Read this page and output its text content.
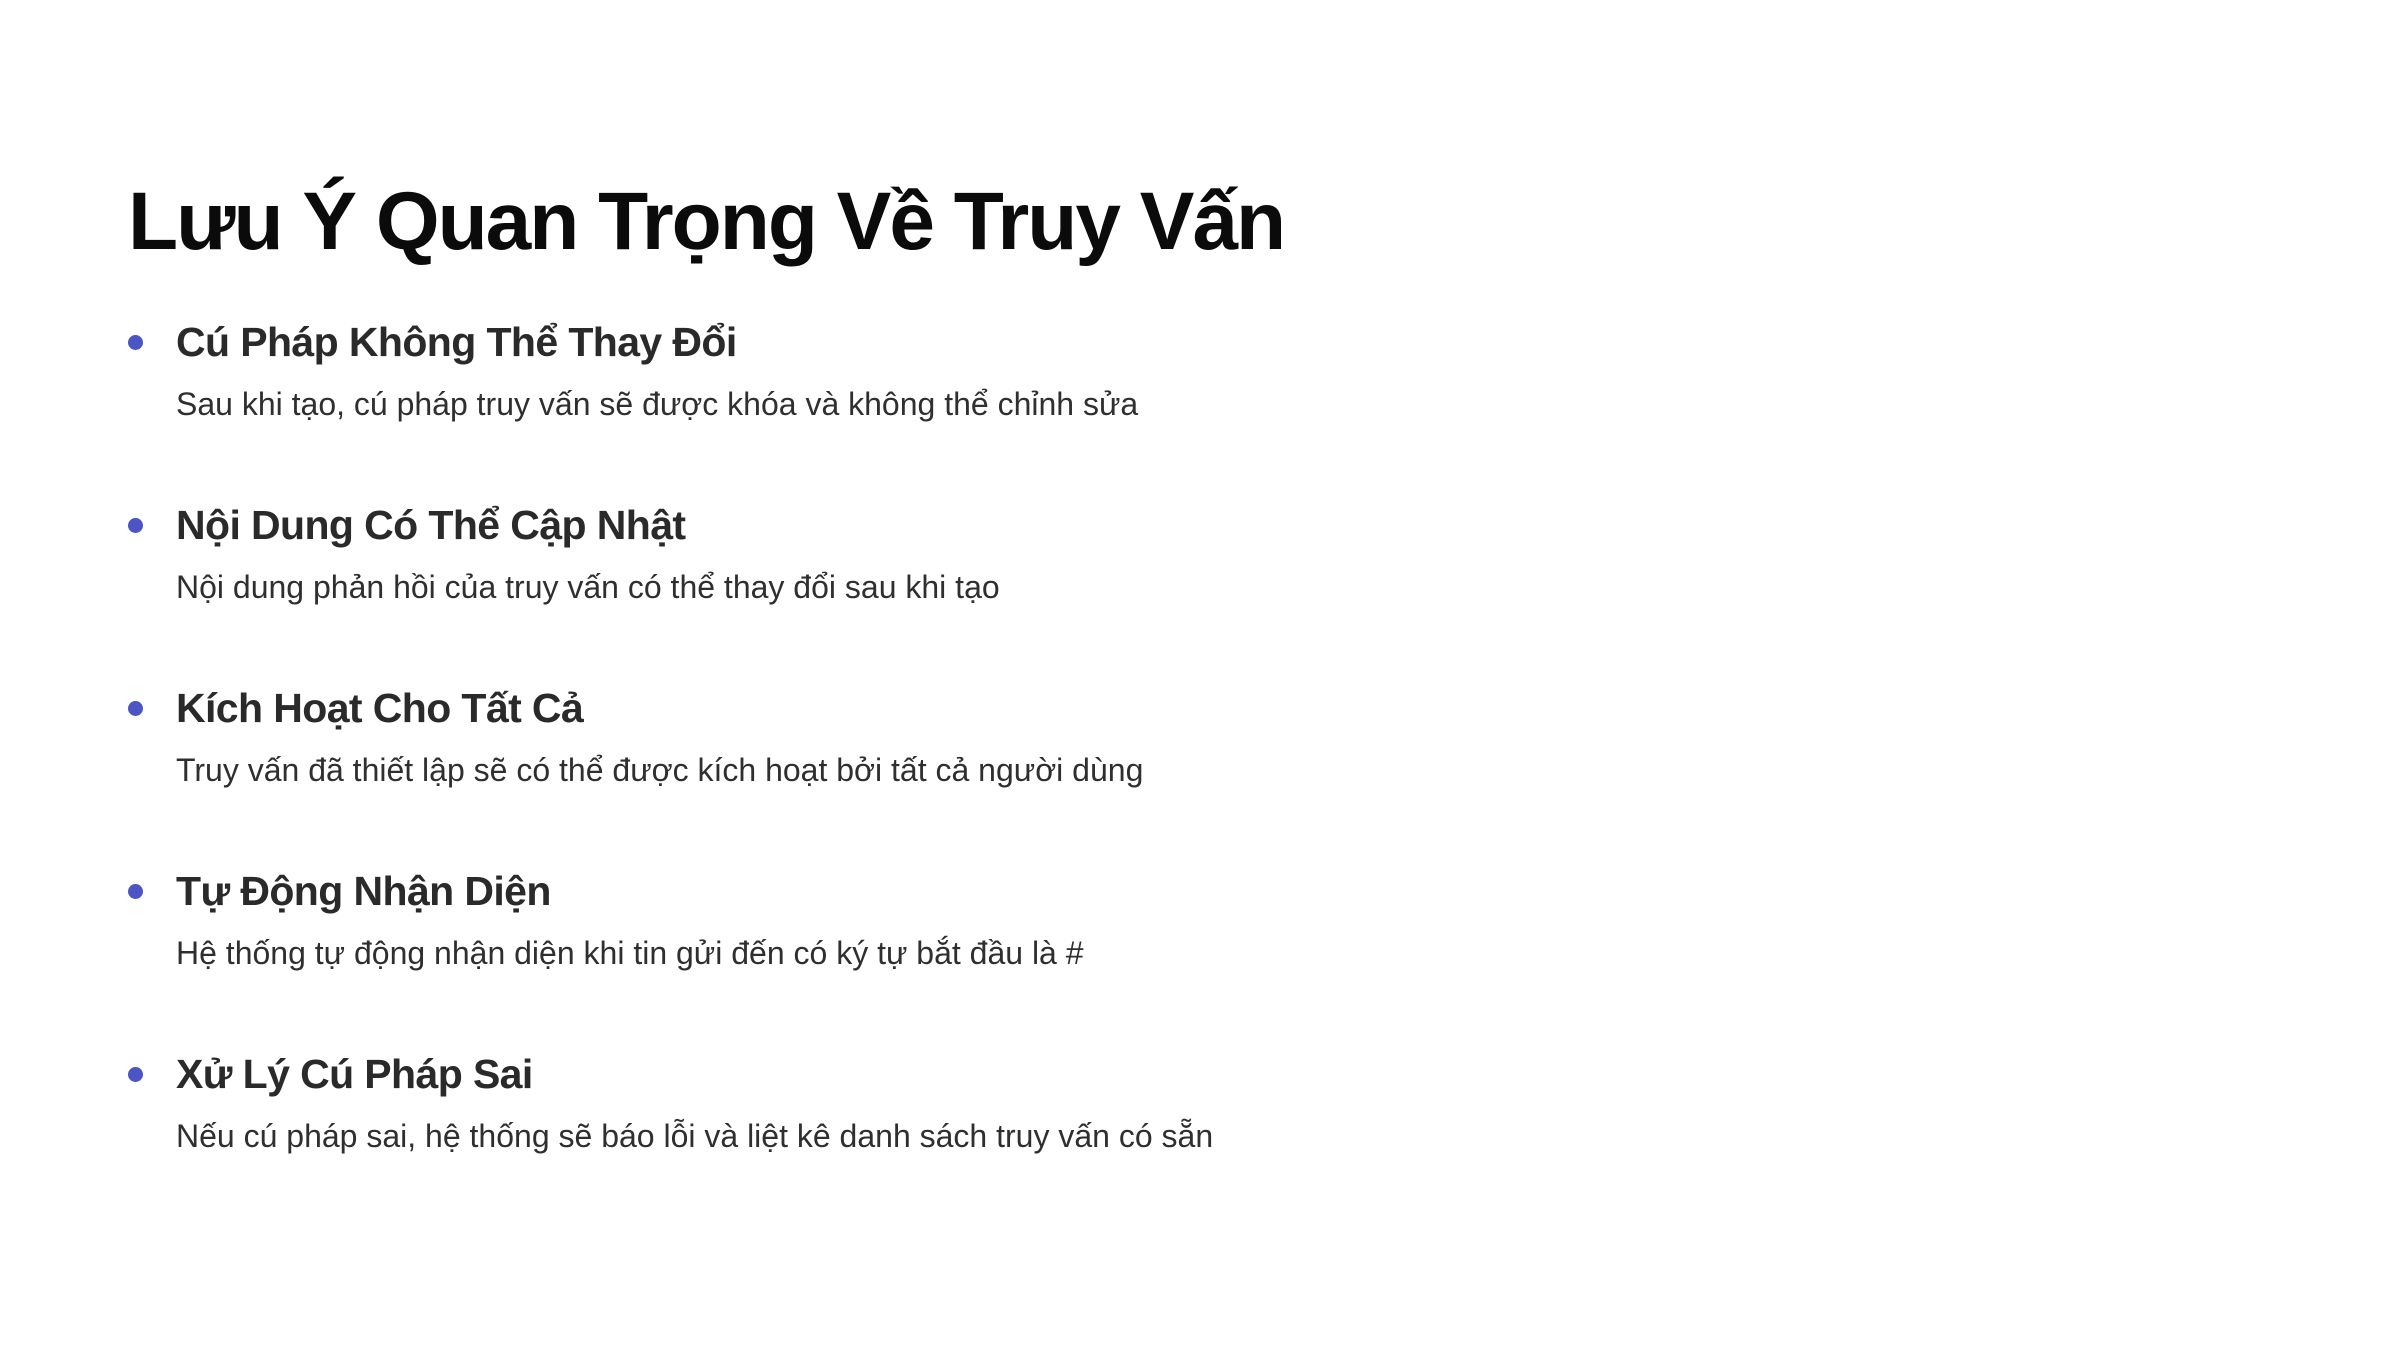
Lưu Ý Quan Trọng Về Truy Vấn
Cú Pháp Không Thể Thay Đổi
Sau khi tạo, cú pháp truy vấn sẽ được khóa và không thể chỉnh sửa
Nội Dung Có Thể Cập Nhật
Nội dung phản hồi của truy vấn có thể thay đổi sau khi tạo
Kích Hoạt Cho Tất Cả
Truy vấn đã thiết lập sẽ có thể được kích hoạt bởi tất cả người dùng
Tự Động Nhận Diện
Hệ thống tự động nhận diện khi tin gửi đến có ký tự bắt đầu là #
Xử Lý Cú Pháp Sai
Nếu cú pháp sai, hệ thống sẽ báo lỗi và liệt kê danh sách truy vấn có sẵn
